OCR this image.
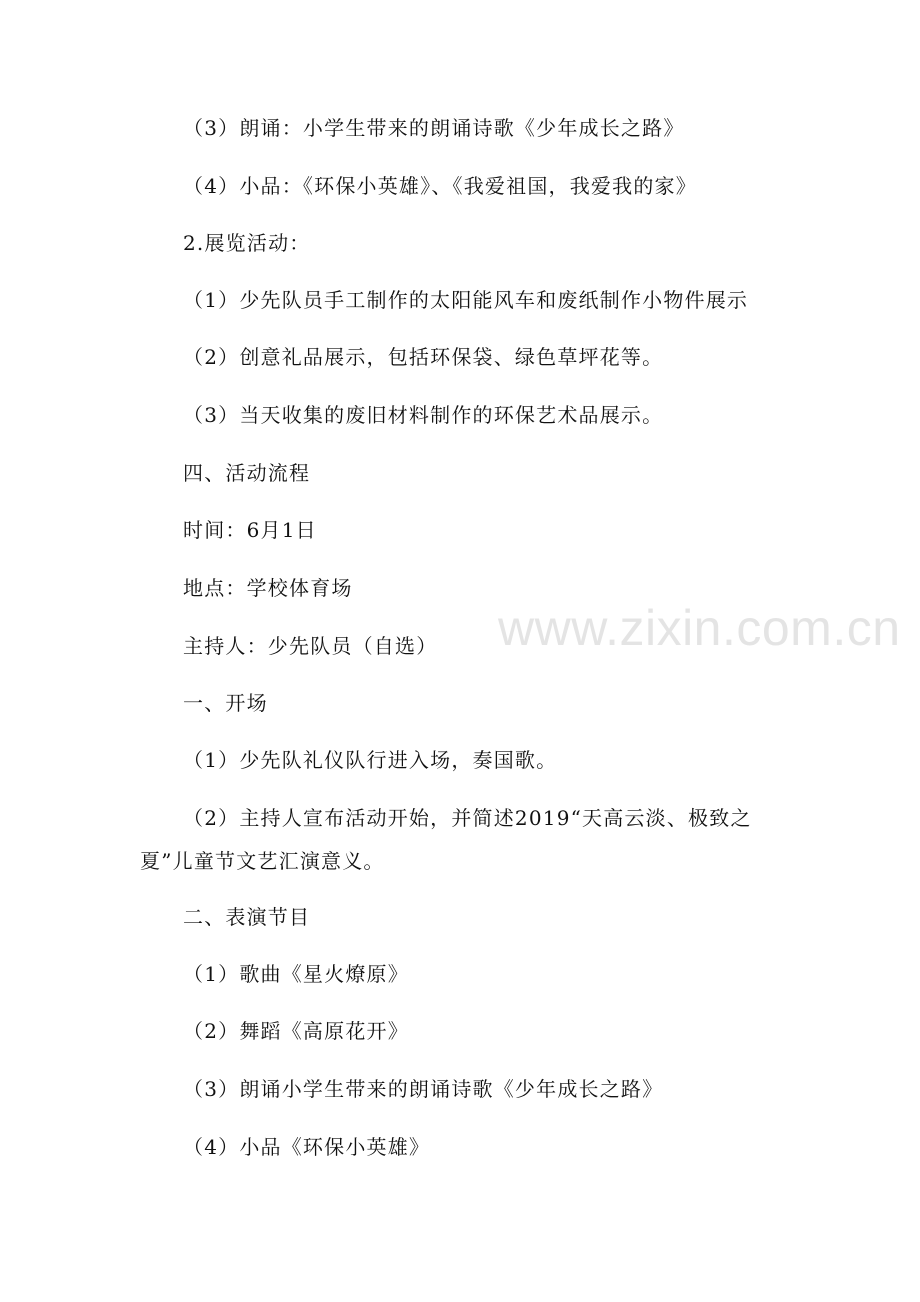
www.zixin.com.cn
（3）朗诵：小学生带来的朗诵诗歌《少年成长之路》
（4）小品：《环保小英雄》、《我爱祖国，我爱我的家》
2.展览活动：
（1）少先队员手工制作的太阳能风车和废纸制作小物件展示
（2）创意礼品展示，包括环保袋、绿色草坪花等。
（3）当天收集的废旧材料制作的环保艺术品展示。
四、活动流程
时间：6月1日
地点：学校体育场
主持人：少先队员（自选）
一、开场
（1）少先队礼仪队行进入场，奏国歌。
（2）主持人宣布活动开始，并简述2019“天高云淡、极致之
夏”儿童节文艺汇演意义。
二、表演节目
（1）歌曲《星火燎原》
（2）舞蹈《高原花开》
（3）朗诵小学生带来的朗诵诗歌《少年成长之路》
（4）小品《环保小英雄》
